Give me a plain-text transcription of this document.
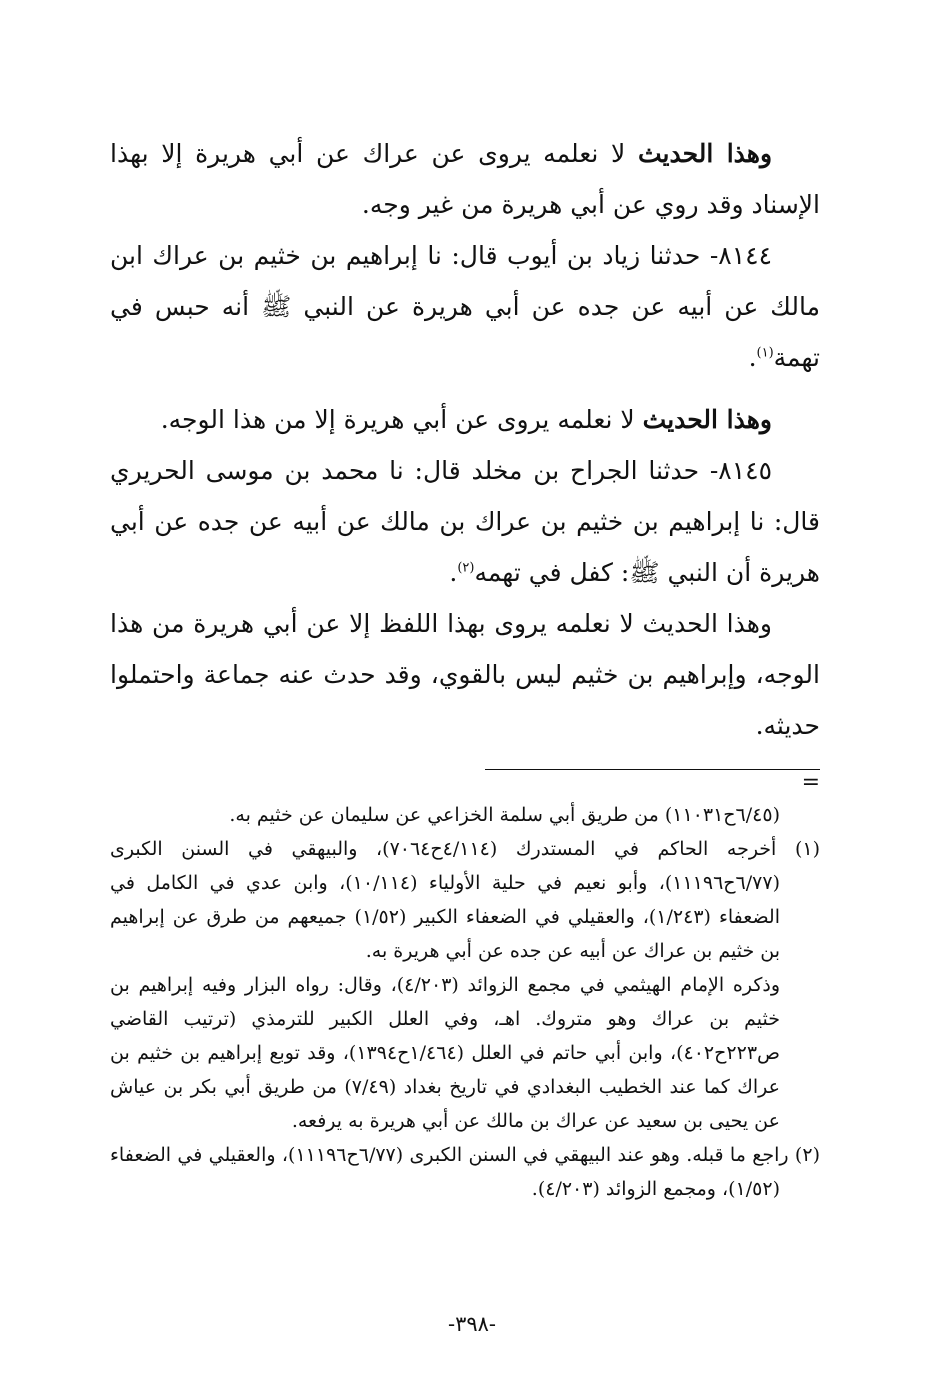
وهذا الحديث لا نعلمه يروى عن عراك عن أبي هريرة إلا بهذا الإسناد وقد روي عن أبي هريرة من غير وجه.

٨١٤٤- حدثنا زياد بن أيوب قال: نا إبراهيم بن خثيم بن عراك ابن مالك عن أبيه عن جده عن أبي هريرة عن النبي ﷺ أنه حبس في تهمة$^{(١)}$.

وهذا الحديث لا نعلمه يروى عن أبي هريرة إلا من هذا الوجه.

٨١٤٥- حدثنا الجراح بن مخلد قال: نا محمد بن موسى الحريري قال: نا إبراهيم بن خثيم بن عراك بن مالك عن أبيه عن جده عن أبي هريرة أن النبي ﷺ: كفل في تهمه$^{(٢)}$.

وهذا الحديث لا نعلمه يروى بهذا اللفظ إلا عن أبي هريرة من هذا الوجه، وإبراهيم بن خثيم ليس بالقوي، وقد حدث عنه جماعة واحتملوا حديثه.

=

(٦/٤٥ح١١٠٣١) من طريق أبي سلمة الخزاعي عن سليمان عن خثيم به.

(١) أخرجه الحاكم في المستدرك (٤/١١٤ح٧٠٦٤)، والبيهقي في السنن الكبرى (٦/٧٧ح١١١٩٦)، وأبو نعيم في حلية الأولياء (١٠/١١٤)، وابن عدي في الكامل في الضعفاء (١/٢٤٣)، والعقيلي في الضعفاء الكبير (١/٥٢) جميعهم من طرق عن إبراهيم بن خثيم بن عراك عن أبيه عن جده عن أبي هريرة به.

وذكره الإمام الهيثمي في مجمع الزوائد (٤/٢٠٣)، وقال: رواه البزار وفيه إبراهيم بن خثيم بن عراك وهو متروك. اهـ، وفي العلل الكبير للترمذي (ترتيب القاضي ص٢٢٣ح٤٠٢)، وابن أبي حاتم في العلل (١/٤٦٤ح١٣٩٤)، وقد توبع إبراهيم بن خثيم بن عراك كما عند الخطيب البغدادي في تاريخ بغداد (٧/٤٩) من طريق أبي بكر بن عياش عن يحيى بن سعيد عن عراك بن مالك عن أبي هريرة به يرفعه.

(٢) راجع ما قبله. وهو عند البيهقي في السنن الكبرى (٦/٧٧ح١١١٩٦)، والعقيلي في الضعفاء (١/٥٢)، ومجمع الزوائد (٤/٢٠٣).

-٣٩٨-
